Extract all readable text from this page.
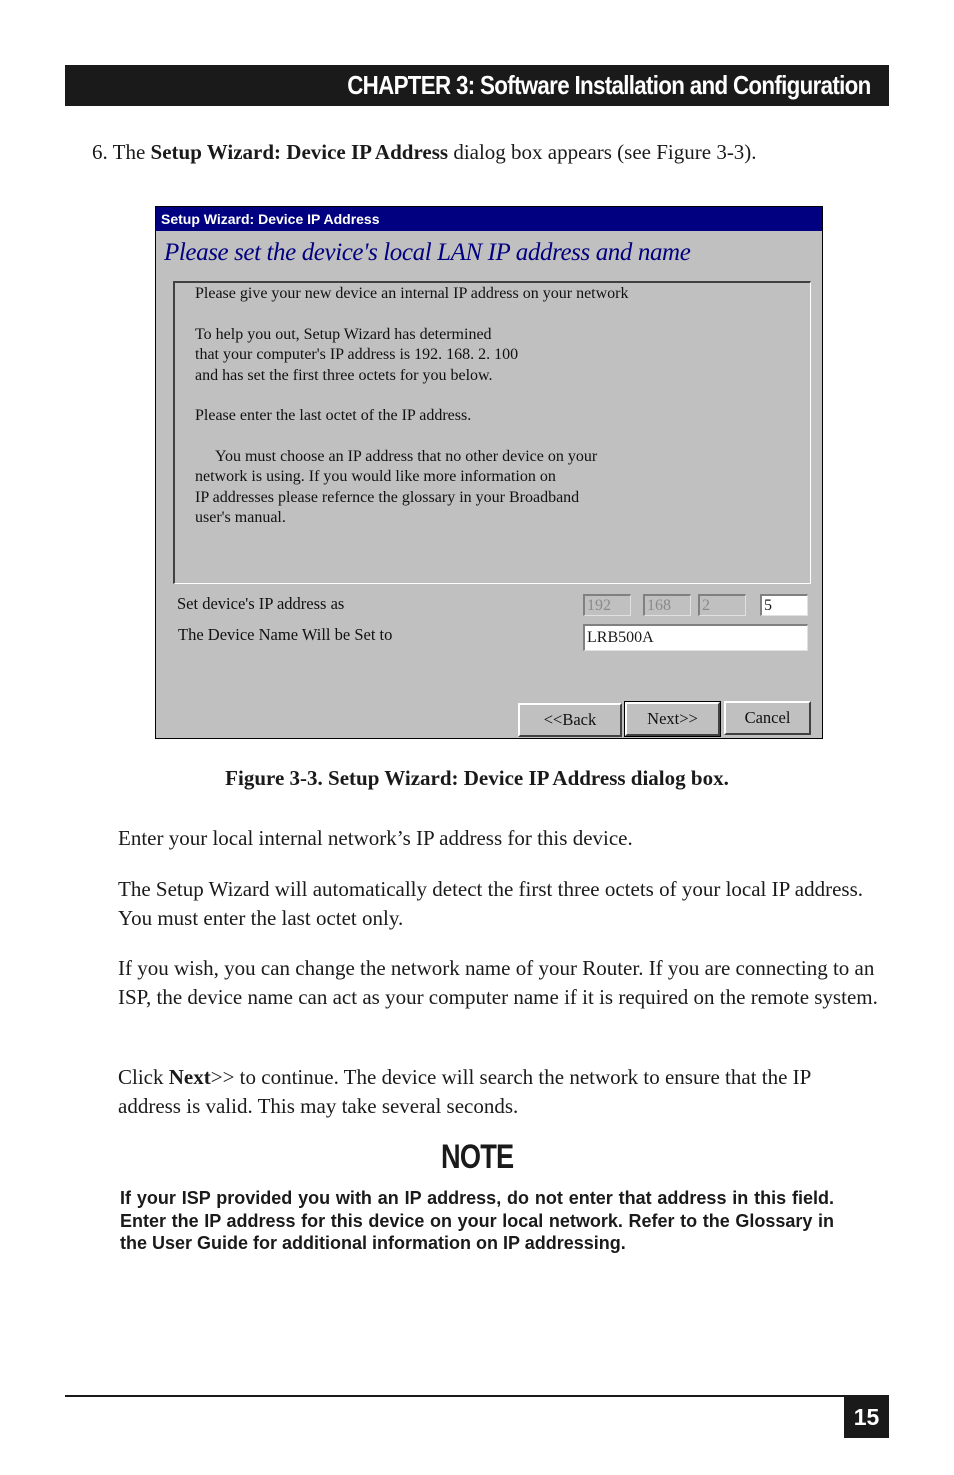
CHAPTER 3: Software Installation and Configuration
6. The Setup Wizard: Device IP Address dialog box appears (see Figure 3-3).
Setup Wizard: Device IP Address
Please set the device's local LAN IP address and name

Please give your new device an internal IP address on your network

To help you out, Setup Wizard has determined

that your computer's IP address is 192. 168. 2. 100

and has set the first three octets for you below.

Please enter the last octet of the IP address.

You must choose an IP address that no other device on your

network is using. If you would like more information on

IP addresses please refernce the glossary in your Broadband

user's manual.

Set device's IP address as	192	168	2	5
The Device Name Will be Set to	LRB500A
<<Back	Next>>	Cancel
Figure 3-3. Setup Wizard: Device IP Address dialog box.

Enter your local internal network’s IP address for this device.

The Setup Wizard will automatically detect the first three octets of your local IP address. You must enter the last octet only.

If you wish, you can change the network name of your Router. If you are connecting to an ISP, the device name can act as your computer name if it is required on the remote system.

Click Next>> to continue. The device will search the network to ensure that the IP address is valid. This may take several seconds.

NOTE
If your ISP provided you with an IP address, do not enter that address in this field. Enter the IP address for this device on your local network. Refer to the Glossary in the User Guide for additional information on IP addressing.
15
